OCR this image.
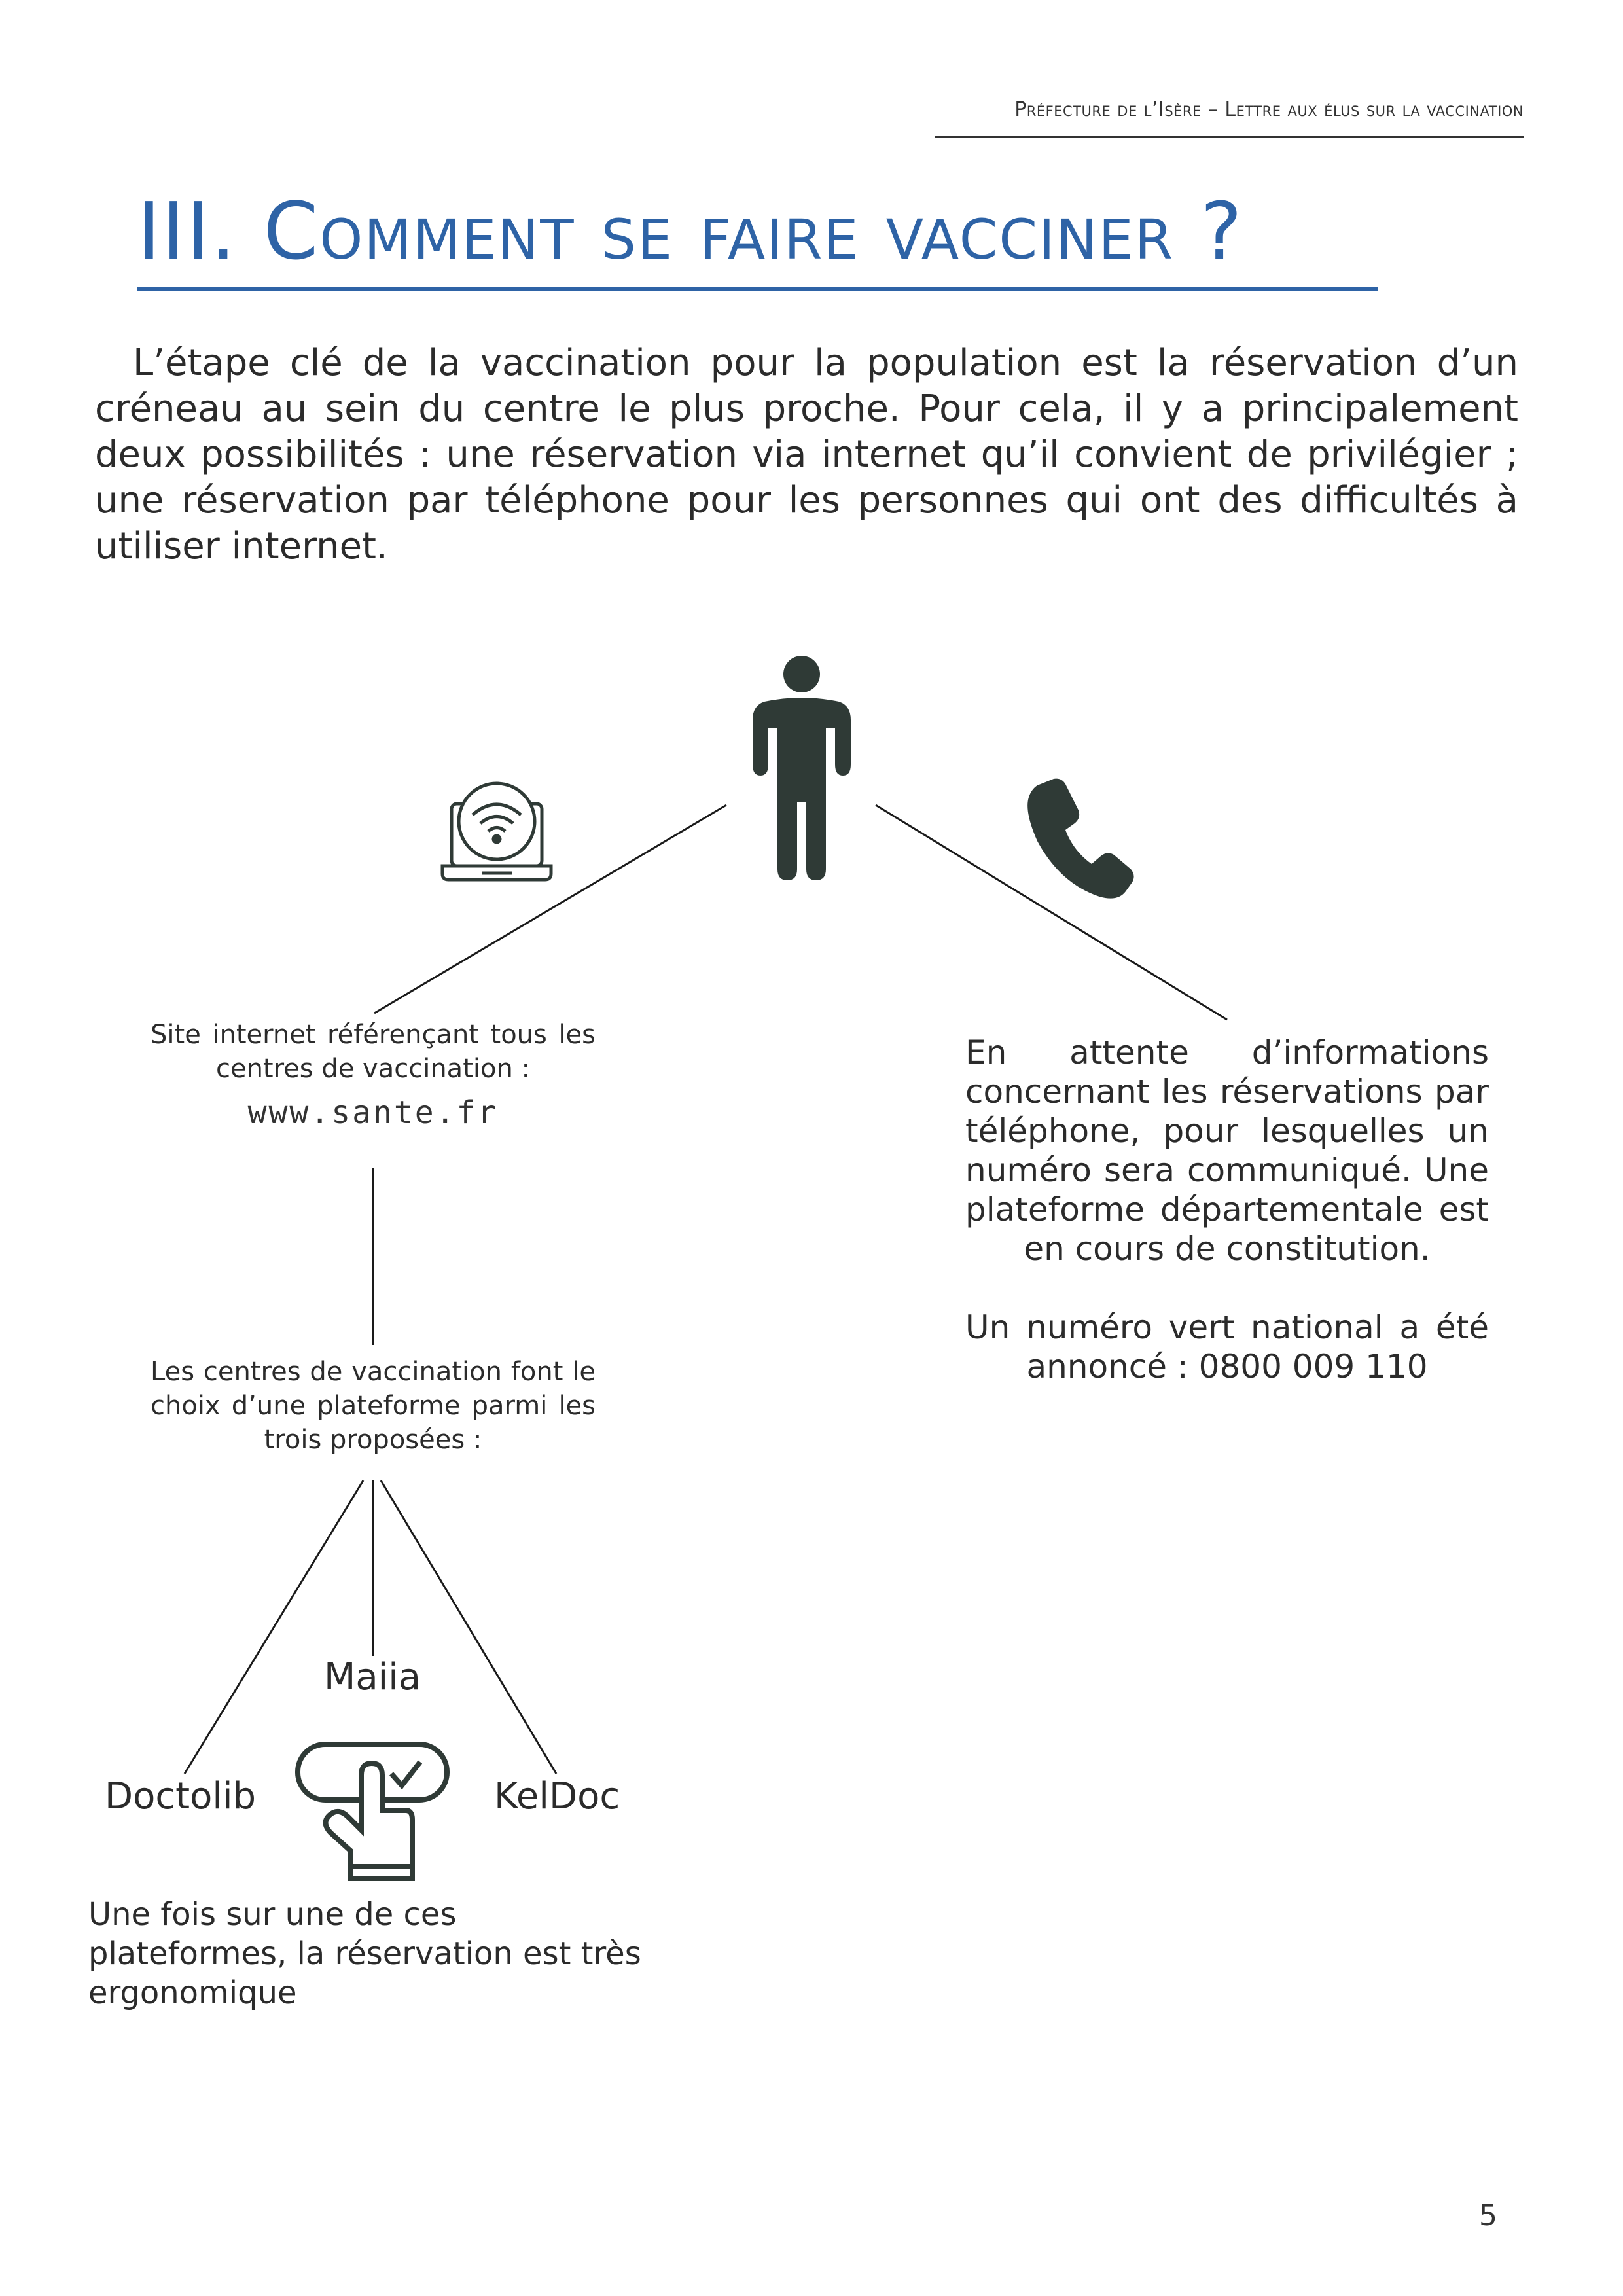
Préfecture de l’Isère – Lettre aux élus sur la vaccination
III. Comment se faire vacciner ?
L’étape clé de la vaccination pour la population est la réservation d’un créneau au sein du centre le plus proche. Pour cela, il y a principalement deux possibilités : une réservation via internet qu’il convient de privilégier ; une réservation par téléphone pour les personnes qui ont des difficultés à utiliser internet.
Site internet référençant tous les centres de vaccination :
www.sante.fr
Les centres de vaccination font le choix d’une plateforme parmi les trois proposées :
Maiia
Doctolib	KelDoc
Une fois sur une de ces plateformes, la réservation est très ergonomique

En attente d’informations concernant les réservations par téléphone, pour lesquelles un numéro sera communiqué. Une plateforme départementale est en cours de constitution.

Un numéro vert national a été annoncé : 0800 009 110

5
